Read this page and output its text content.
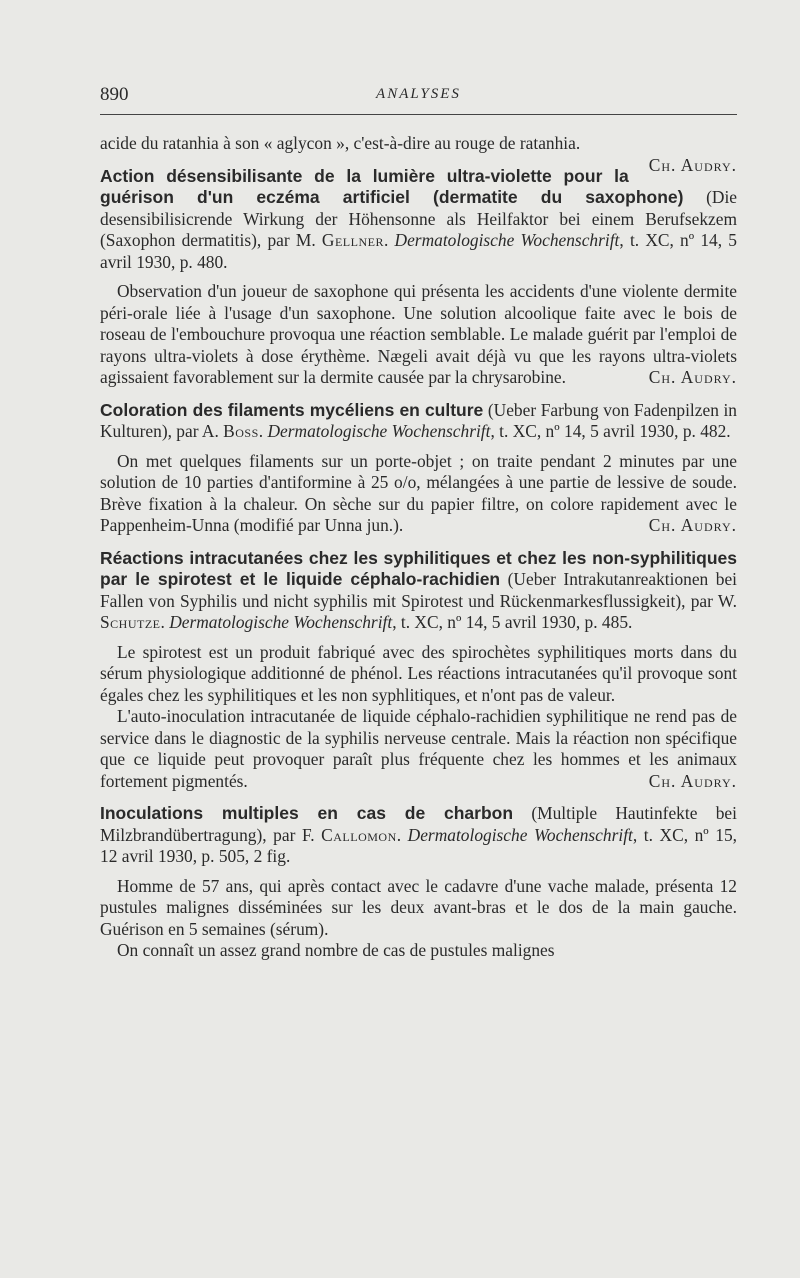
890	ANALYSES

acide du ratanhia à son « aglycon », c'est-à-dire au rouge de ratanhia.

Ch. Audry.

Action désensibilisante de la lumière ultra-violette pour la guérison d'un eczéma artificiel (dermatite du saxophone) (Die desensibilisicrende Wirkung der Höhensonne als Heilfaktor bei einem Berufsekzem (Saxophon dermatitis), par M. Gellner. Dermatologische Wochenschrift, t. XC, nº 14, 5 avril 1930, p. 480.

Observation d'un joueur de saxophone qui présenta les accidents d'une violente dermite péri-orale liée à l'usage d'un saxophone. Une solution alcoolique faite avec le bois de roseau de l'embouchure provoqua une réaction semblable. Le malade guérit par l'emploi de rayons ultra-violets à dose érythème. Nægeli avait déjà vu que les rayons ultra-violets agissaient favorablement sur la dermite causée par la chrysarobine.	Ch. Audry.

Coloration des filaments mycéliens en culture (Ueber Farbung von Fadenpilzen in Kulturen), par A. Boss. Dermatologische Wochenschrift, t. XC, nº 14, 5 avril 1930, p. 482.

On met quelques filaments sur un porte-objet ; on traite pendant 2 minutes par une solution de 10 parties d'antiformine à 25 o/o, mélangées à une partie de lessive de soude. Brève fixation à la chaleur. On sèche sur du papier filtre, on colore rapidement avec le Pappenheim-Unna (modifié par Unna jun.).	Ch. Audry.

Réactions intracutanées chez les syphilitiques et chez les non-syphilitiques par le spirotest et le liquide céphalo-rachidien (Ueber Intrakutanreaktionen bei Fallen von Syphilis und nicht syphilis mit Spirotest und Rückenmarkesflussigkeit), par W. Schutze. Dermatologische Wochenschrift, t. XC, nº 14, 5 avril 1930, p. 485.

Le spirotest est un produit fabriqué avec des spirochètes syphilitiques morts dans du sérum physiologique additionné de phénol. Les réactions intracutanées qu'il provoque sont égales chez les syphilitiques et les non syphlitiques, et n'ont pas de valeur.

L'auto-inoculation intracutanée de liquide céphalo-rachidien syphilitique ne rend pas de service dans le diagnostic de la syphilis nerveuse centrale. Mais la réaction non spécifique que ce liquide peut provoquer paraît plus fréquente chez les hommes et les animaux fortement pigmentés.	Ch. Audry.

Inoculations multiples en cas de charbon (Multiple Hautinfekte bei Milzbrandübertragung), par F. Callomon. Dermatologische Wochenschrift, t. XC, nº 15, 12 avril 1930, p. 505, 2 fig.

Homme de 57 ans, qui après contact avec le cadavre d'une vache malade, présenta 12 pustules malignes disséminées sur les deux avant-bras et le dos de la main gauche. Guérison en 5 semaines (sérum).

On connaît un assez grand nombre de cas de pustules malignes
